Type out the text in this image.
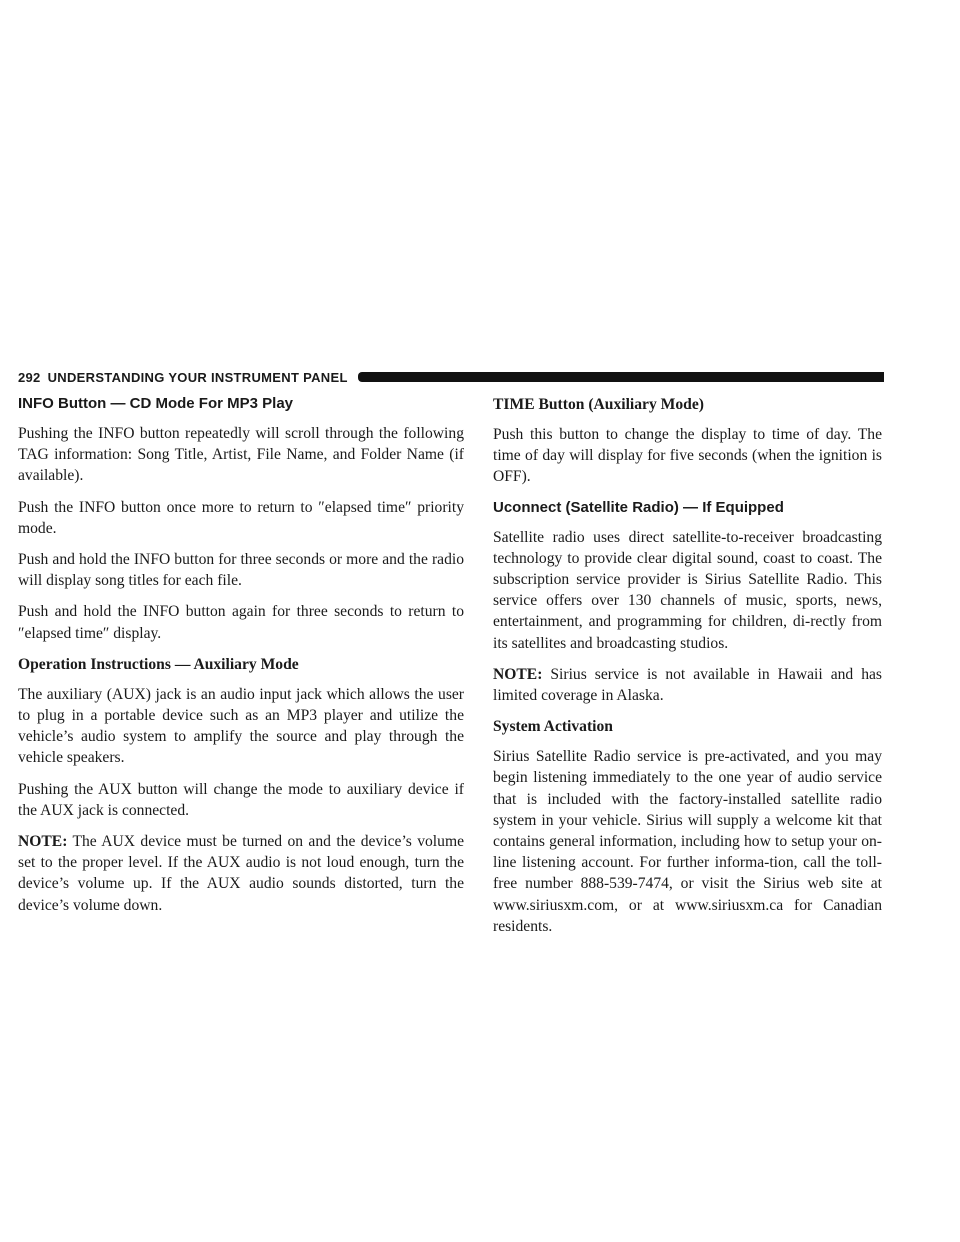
292 UNDERSTANDING YOUR INSTRUMENT PANEL
INFO Button — CD Mode For MP3 Play

Pushing the INFO button repeatedly will scroll through the following TAG information: Song Title, Artist, File Name, and Folder Name (if available).

Push the INFO button once more to return to ″elapsed time″ priority mode.

Push and hold the INFO button for three seconds or more and the radio will display song titles for each file.

Push and hold the INFO button again for three seconds to return to ″elapsed time″ display.

Operation Instructions — Auxiliary Mode

The auxiliary (AUX) jack is an audio input jack which allows the user to plug in a portable device such as an MP3 player and utilize the vehicle’s audio system to amplify the source and play through the vehicle speakers.

Pushing the AUX button will change the mode to auxiliary device if the AUX jack is connected.

NOTE: The AUX device must be turned on and the device’s volume set to the proper level. If the AUX audio is not loud enough, turn the device’s volume up. If the AUX audio sounds distorted, turn the device’s volume down.

TIME Button (Auxiliary Mode)

Push this button to change the display to time of day. The time of day will display for five seconds (when the ignition is OFF).

Uconnect (Satellite Radio) — If Equipped

Satellite radio uses direct satellite-to-receiver broadcasting technology to provide clear digital sound, coast to coast. The subscription service provider is Sirius Satellite Radio. This service offers over 130 channels of music, sports, news, entertainment, and programming for children, di-rectly from its satellites and broadcasting studios.

NOTE: Sirius service is not available in Hawaii and has limited coverage in Alaska.

System Activation

Sirius Satellite Radio service is pre-activated, and you may begin listening immediately to the one year of audio service that is included with the factory-installed satellite radio system in your vehicle. Sirius will supply a welcome kit that contains general information, including how to setup your on-line listening account. For further informa-tion, call the toll-free number 888-539-7474, or visit the Sirius web site at www.siriusxm.com, or at www.siriusxm.ca for Canadian residents.
